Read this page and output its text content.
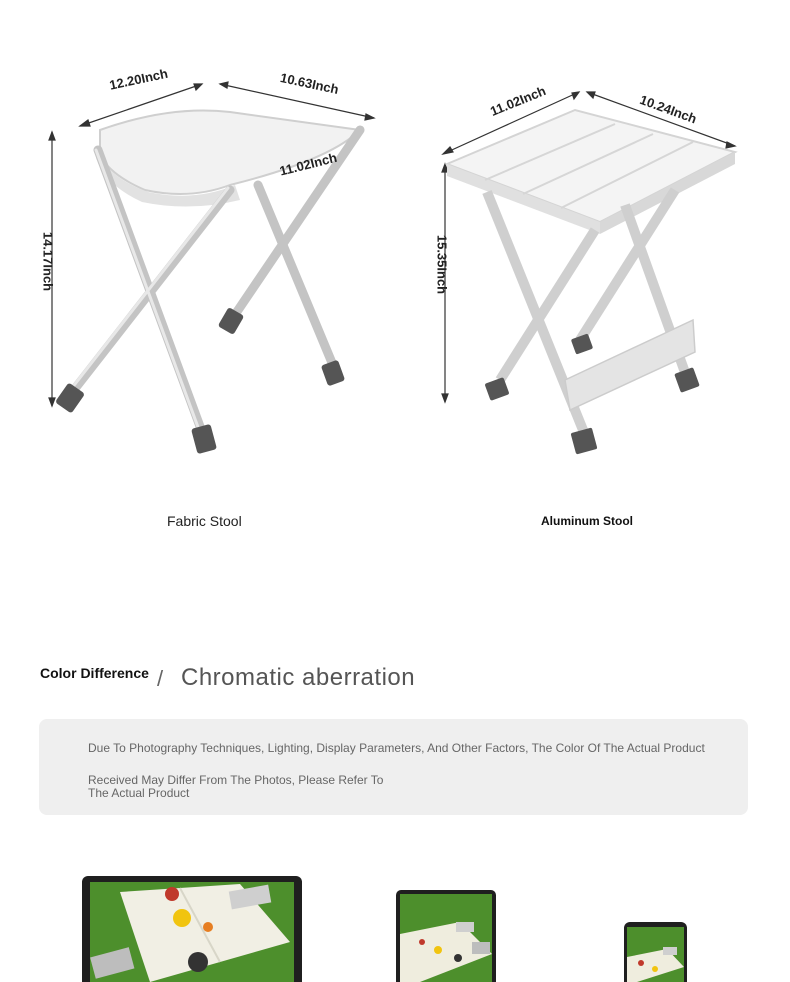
12.20Inch	10.63Inch
11.02Inch
14.17Inch
Fabric Stool
11.02Inch	10.24Inch
15.35Inch
Aluminum Stool
Color Difference / Chromatic aberration
Due To Photography Techniques, Lighting, Display Parameters, And Other Factors, The Color Of The Actual Product
Received May Differ From The Photos, Please Refer To
The Actual Product
